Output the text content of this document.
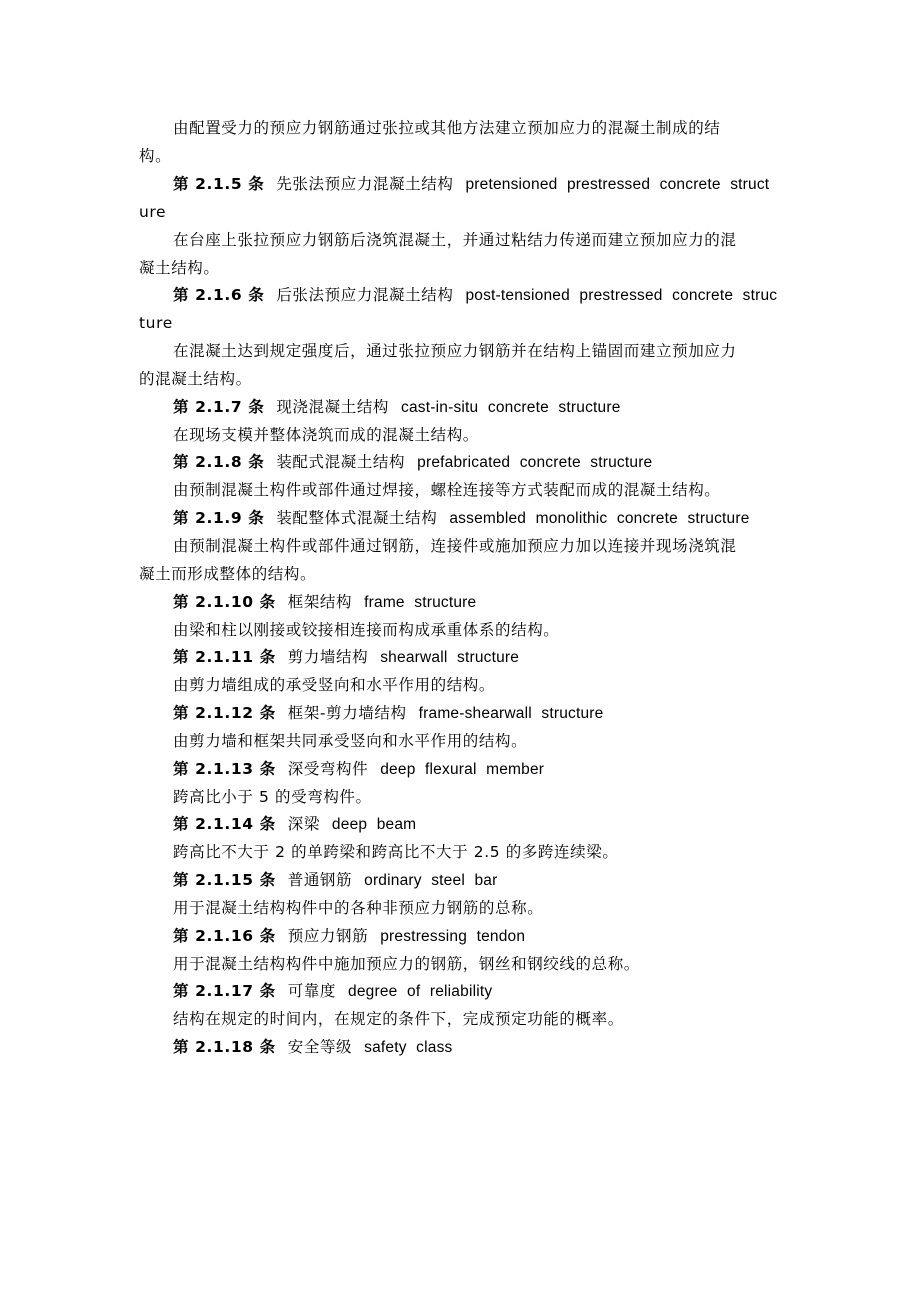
由配置受力的预应力钢筋通过张拉或其他方法建立预加应力的混凝土制成的结
构。
第 2.1.5 条 先张法预应力混凝土结构 pretensioned prestressed concrete struct
ure
在台座上张拉预应力钢筋后浇筑混凝土，并通过粘结力传递而建立预加应力的混
凝土结构。
第 2.1.6 条 后张法预应力混凝土结构 post-tensioned prestressed concrete struc
ture
在混凝土达到规定强度后，通过张拉预应力钢筋并在结构上锚固而建立预加应力
的混凝土结构。
第 2.1.7 条 现浇混凝土结构 cast-in-situ concrete structure
在现场支模并整体浇筑而成的混凝土结构。
第 2.1.8 条 装配式混凝土结构 prefabricated concrete structure
由预制混凝土构件或部件通过焊接，螺栓连接等方式装配而成的混凝土结构。
第 2.1.9 条 装配整体式混凝土结构 assembled monolithic concrete structure
由预制混凝土构件或部件通过钢筋，连接件或施加预应力加以连接并现场浇筑混
凝土而形成整体的结构。
第 2.1.10 条 框架结构 frame structure
由梁和柱以刚接或铰接相连接而构成承重体系的结构。
第 2.1.11 条 剪力墙结构 shearwall structure
由剪力墙组成的承受竖向和水平作用的结构。
第 2.1.12 条 框架-剪力墙结构 frame-shearwall structure
由剪力墙和框架共同承受竖向和水平作用的结构。
第 2.1.13 条 深受弯构件 deep flexural member
跨高比小于 5 的受弯构件。
第 2.1.14 条 深梁 deep beam
跨高比不大于 2 的单跨梁和跨高比不大于 2.5 的多跨连续梁。
第 2.1.15 条 普通钢筋 ordinary steel bar
用于混凝土结构构件中的各种非预应力钢筋的总称。
第 2.1.16 条 预应力钢筋 prestressing tendon
用于混凝土结构构件中施加预应力的钢筋，钢丝和钢绞线的总称。
第 2.1.17 条 可靠度 degree of reliability
结构在规定的时间内，在规定的条件下，完成预定功能的概率。
第 2.1.18 条 安全等级 safety class
